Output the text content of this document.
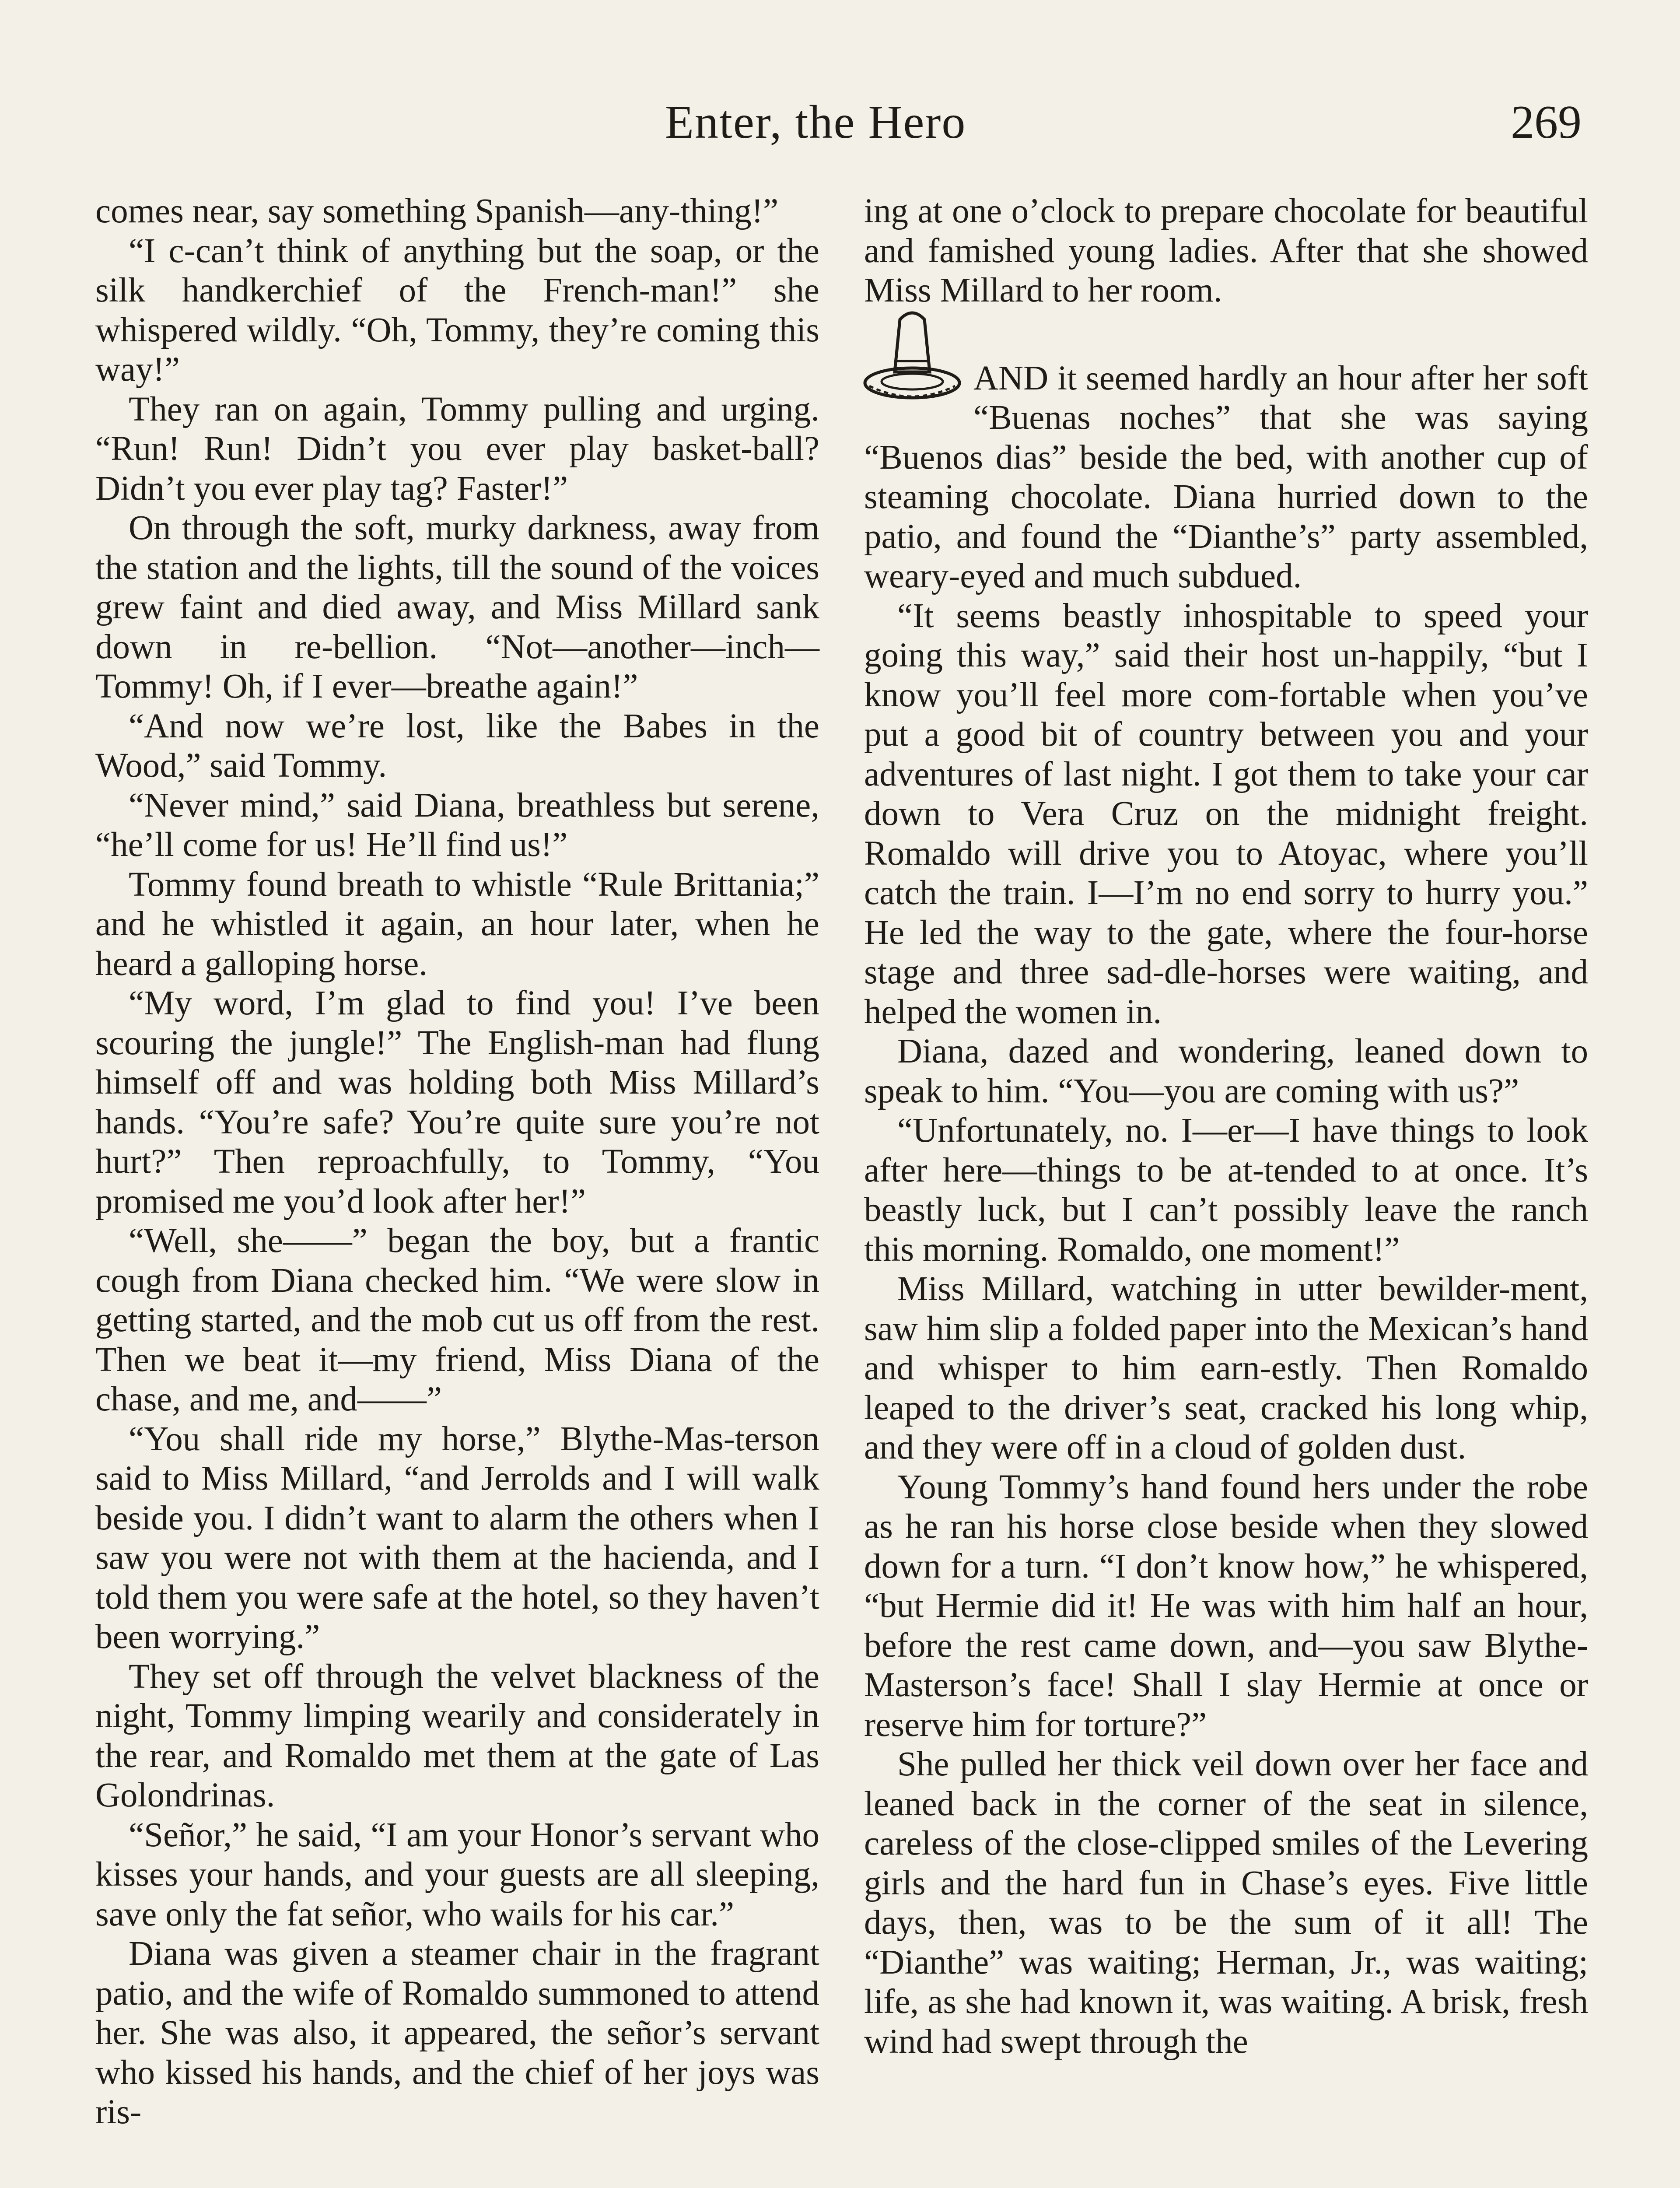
Enter, the Hero	269

comes near, say something Spanish—any-thing!”

“I c-can’t think of anything but the soap, or the silk handkerchief of the French-man!” she whispered wildly. “Oh, Tommy, they’re coming this way!”

They ran on again, Tommy pulling and urging. “Run! Run! Didn’t you ever play basket-ball? Didn’t you ever play tag? Faster!”

On through the soft, murky darkness, away from the station and the lights, till the sound of the voices grew faint and died away, and Miss Millard sank down in re-bellion. “Not—another—inch—Tommy! Oh, if I ever—breathe again!”

“And now we’re lost, like the Babes in the Wood,” said Tommy.

“Never mind,” said Diana, breathless but serene, “he’ll come for us! He’ll find us!”

Tommy found breath to whistle “Rule Brittania;” and he whistled it again, an hour later, when he heard a galloping horse.

“My word, I’m glad to find you! I’ve been scouring the jungle!” The English-man had flung himself off and was holding both Miss Millard’s hands. “You’re safe? You’re quite sure you’re not hurt?” Then reproachfully, to Tommy, “You promised me you’d look after her!”

“Well, she——” began the boy, but a frantic cough from Diana checked him. “We were slow in getting started, and the mob cut us off from the rest. Then we beat it—my friend, Miss Diana of the chase, and me, and——”

“You shall ride my horse,” Blythe-Mas-terson said to Miss Millard, “and Jerrolds and I will walk beside you. I didn’t want to alarm the others when I saw you were not with them at the hacienda, and I told them you were safe at the hotel, so they haven’t been worrying.”

They set off through the velvet blackness of the night, Tommy limping wearily and considerately in the rear, and Romaldo met them at the gate of Las Golondrinas.

“Señor,” he said, “I am your Honor’s servant who kisses your hands, and your guests are all sleeping, save only the fat señor, who wails for his car.”

Diana was given a steamer chair in the fragrant patio, and the wife of Romaldo summoned to attend her. She was also, it appeared, the señor’s servant who kissed his hands, and the chief of her joys was ris-

ing at one o’clock to prepare chocolate for beautiful and famished young ladies. After that she showed Miss Millard to her room.

AND it seemed hardly an hour after her soft “Buenas noches” that she was saying “Buenos dias” beside the bed, with another cup of steaming chocolate. Diana hurried down to the patio, and found the “Dianthe’s” party assembled, weary-eyed and much subdued.

“It seems beastly inhospitable to speed your going this way,” said their host un-happily, “but I know you’ll feel more com-fortable when you’ve put a good bit of country between you and your adventures of last night. I got them to take your car down to Vera Cruz on the midnight freight. Romaldo will drive you to Atoyac, where you’ll catch the train. I—I’m no end sorry to hurry you.” He led the way to the gate, where the four-horse stage and three sad-dle-horses were waiting, and helped the women in.

Diana, dazed and wondering, leaned down to speak to him. “You—you are coming with us?”

“Unfortunately, no. I—er—I have things to look after here—things to be at-tended to at once. It’s beastly luck, but I can’t possibly leave the ranch this morning. Romaldo, one moment!”

Miss Millard, watching in utter bewilder-ment, saw him slip a folded paper into the Mexican’s hand and whisper to him earn-estly. Then Romaldo leaped to the driver’s seat, cracked his long whip, and they were off in a cloud of golden dust.

Young Tommy’s hand found hers under the robe as he ran his horse close beside when they slowed down for a turn. “I don’t know how,” he whispered, “but Hermie did it! He was with him half an hour, before the rest came down, and—you saw Blythe-Masterson’s face! Shall I slay Hermie at once or reserve him for torture?”

She pulled her thick veil down over her face and leaned back in the corner of the seat in silence, careless of the close-clipped smiles of the Levering girls and the hard fun in Chase’s eyes. Five little days, then, was to be the sum of it all! The “Dianthe” was waiting; Herman, Jr., was waiting; life, as she had known it, was waiting. A brisk, fresh wind had swept through the
